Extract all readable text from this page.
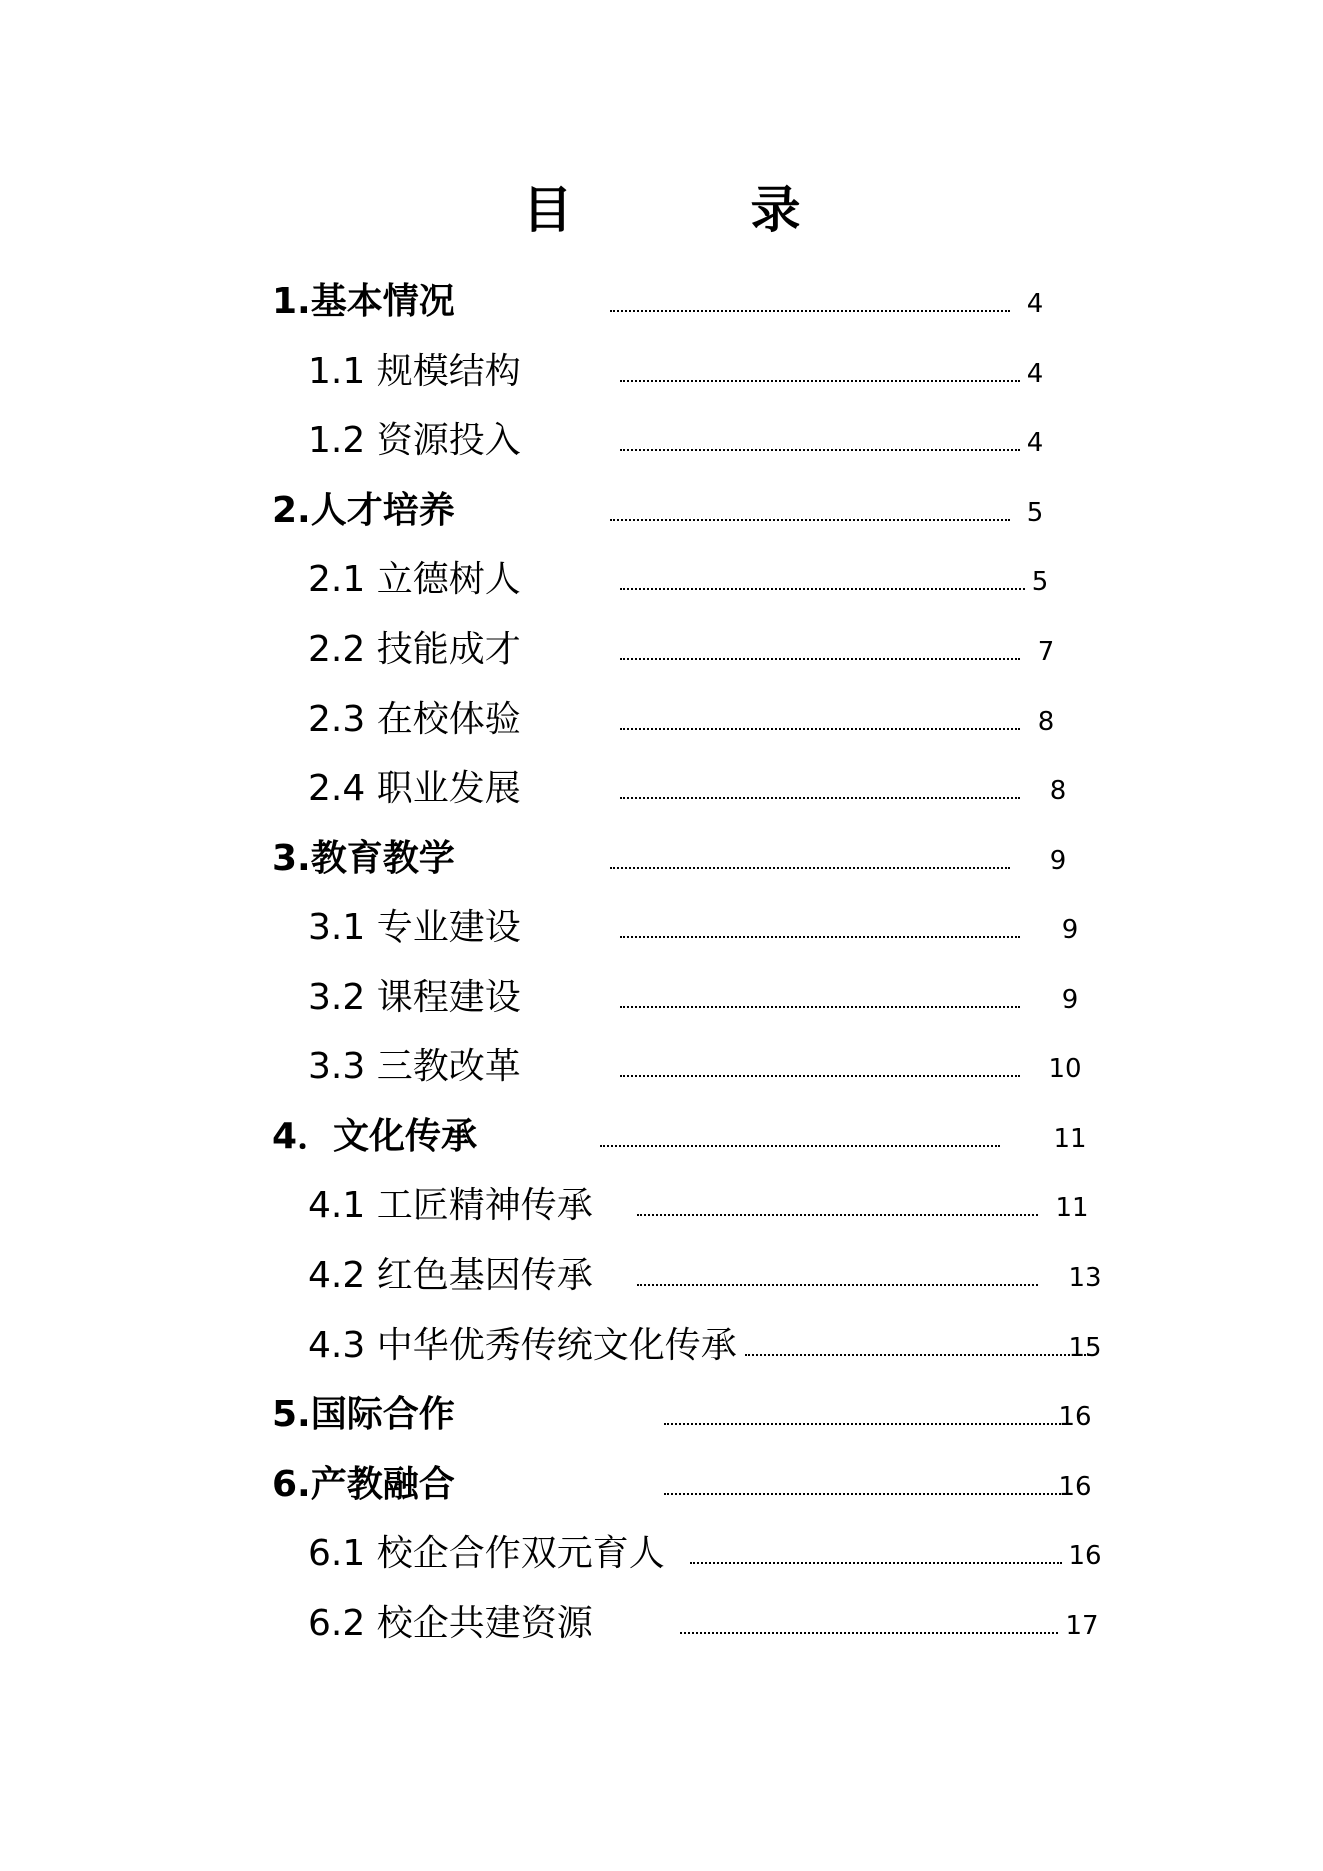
目　录
1.基本情况	4
1.1 规模结构	4
1.2 资源投入	4
2.人才培养	5
2.1 立德树人	5
2.2 技能成才	7
2.3 在校体验	8
2.4 职业发展	8
3.教育教学	9
3.1 专业建设	9
3.2 课程建设	9
3.3 三教改革	10
4．文化传承	11
4.1 工匠精神传承	11
4.2 红色基因传承	13
4.3 中华优秀传统文化传承	15
5.国际合作	16
6.产教融合	16
6.1 校企合作双元育人	16
6.2 校企共建资源	17
